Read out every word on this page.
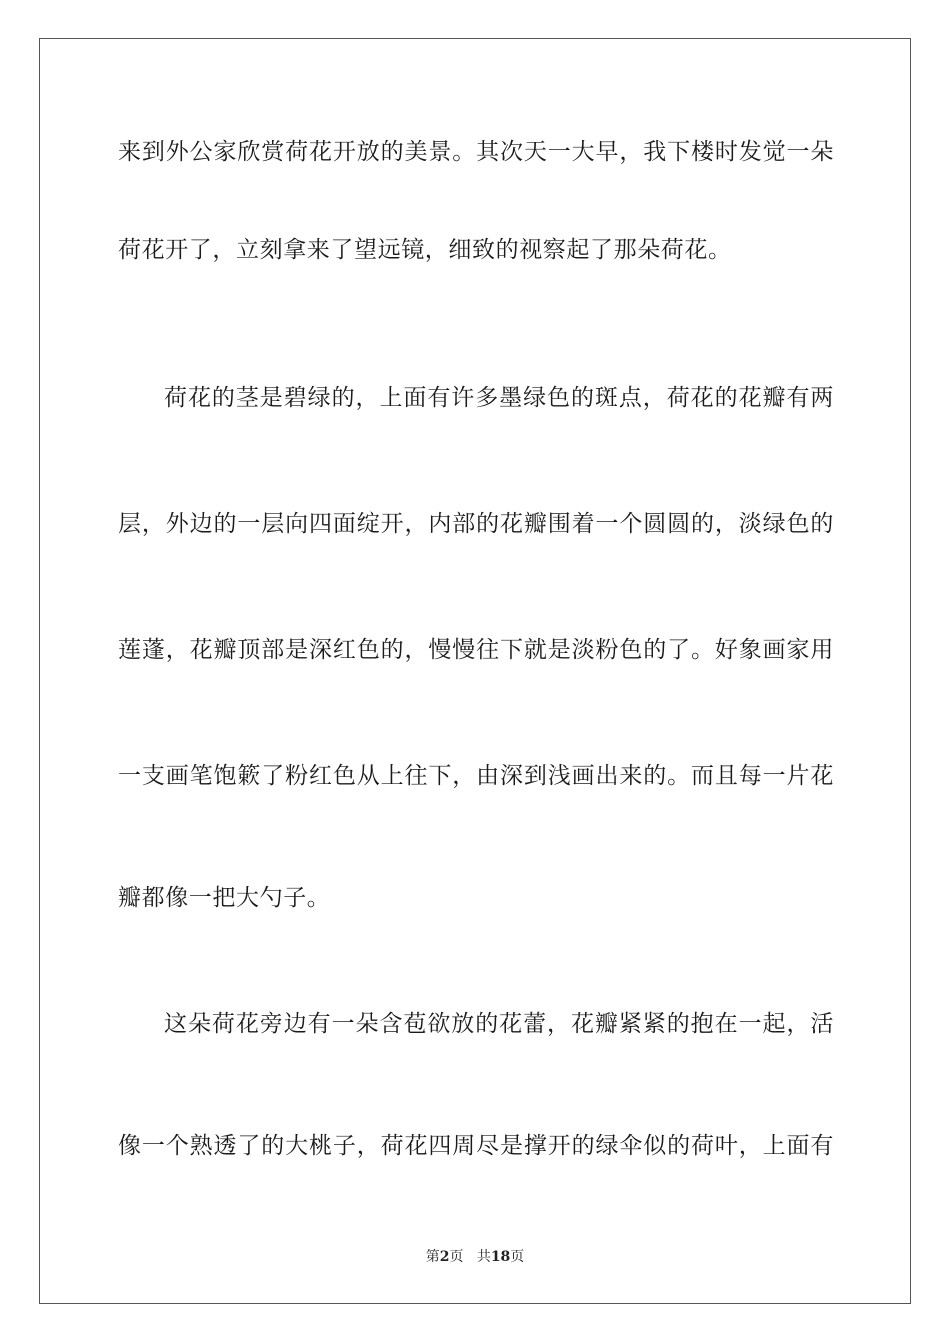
来到外公家欣赏荷花开放的美景。其次天一大早，我下楼时发觉一朵
荷花开了，立刻拿来了望远镜，细致的视察起了那朵荷花。
荷花的茎是碧绿的，上面有许多墨绿色的斑点，荷花的花瓣有两
层，外边的一层向四面绽开，内部的花瓣围着一个圆圆的，淡绿色的
莲蓬，花瓣顶部是深红色的，慢慢往下就是淡粉色的了。好象画家用
一支画笔饱簌了粉红色从上往下，由深到浅画出来的。而且每一片花
瓣都像一把大勺子。
这朵荷花旁边有一朵含苞欲放的花蕾，花瓣紧紧的抱在一起，活
像一个熟透了的大桃子，荷花四周尽是撑开的绿伞似的荷叶，上面有
第2页 共18页
